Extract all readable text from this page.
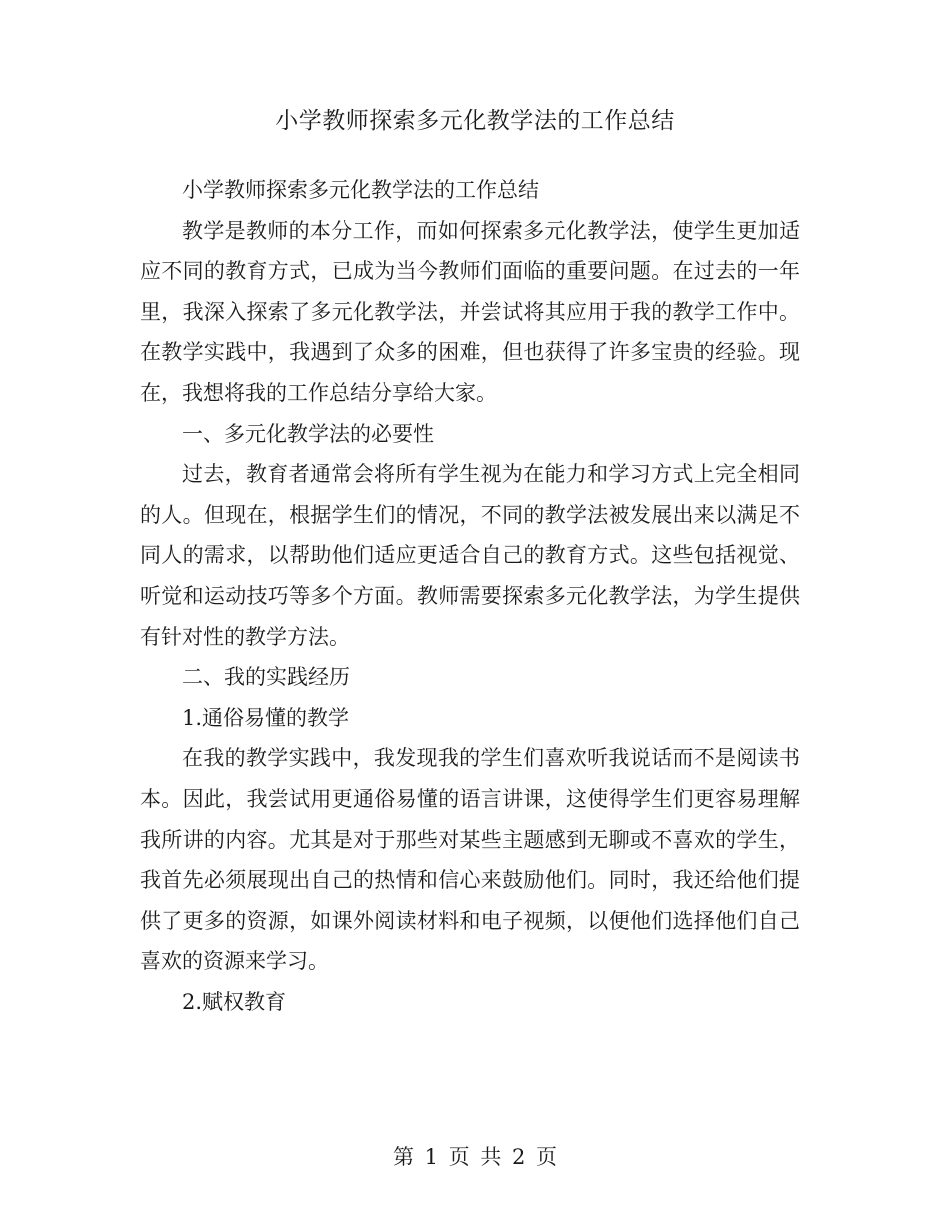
小学教师探索多元化教学法的工作总结

小学教师探索多元化教学法的工作总结

教学是教师的本分工作，而如何探索多元化教学法，使学生更加适应不同的教育方式，已成为当今教师们面临的重要问题。在过去的一年里，我深入探索了多元化教学法，并尝试将其应用于我的教学工作中。在教学实践中，我遇到了众多的困难，但也获得了许多宝贵的经验。现在，我想将我的工作总结分享给大家。

一、多元化教学法的必要性

过去，教育者通常会将所有学生视为在能力和学习方式上完全相同的人。但现在，根据学生们的情况，不同的教学法被发展出来以满足不同人的需求，以帮助他们适应更适合自己的教育方式。这些包括视觉、听觉和运动技巧等多个方面。教师需要探索多元化教学法，为学生提供有针对性的教学方法。

二、我的实践经历

1.通俗易懂的教学

在我的教学实践中，我发现我的学生们喜欢听我说话而不是阅读书本。因此，我尝试用更通俗易懂的语言讲课，这使得学生们更容易理解我所讲的内容。尤其是对于那些对某些主题感到无聊或不喜欢的学生，我首先必须展现出自己的热情和信心来鼓励他们。同时，我还给他们提供了更多的资源，如课外阅读材料和电子视频，以便他们选择他们自己喜欢的资源来学习。

2.赋权教育

第 1 页 共 2 页
